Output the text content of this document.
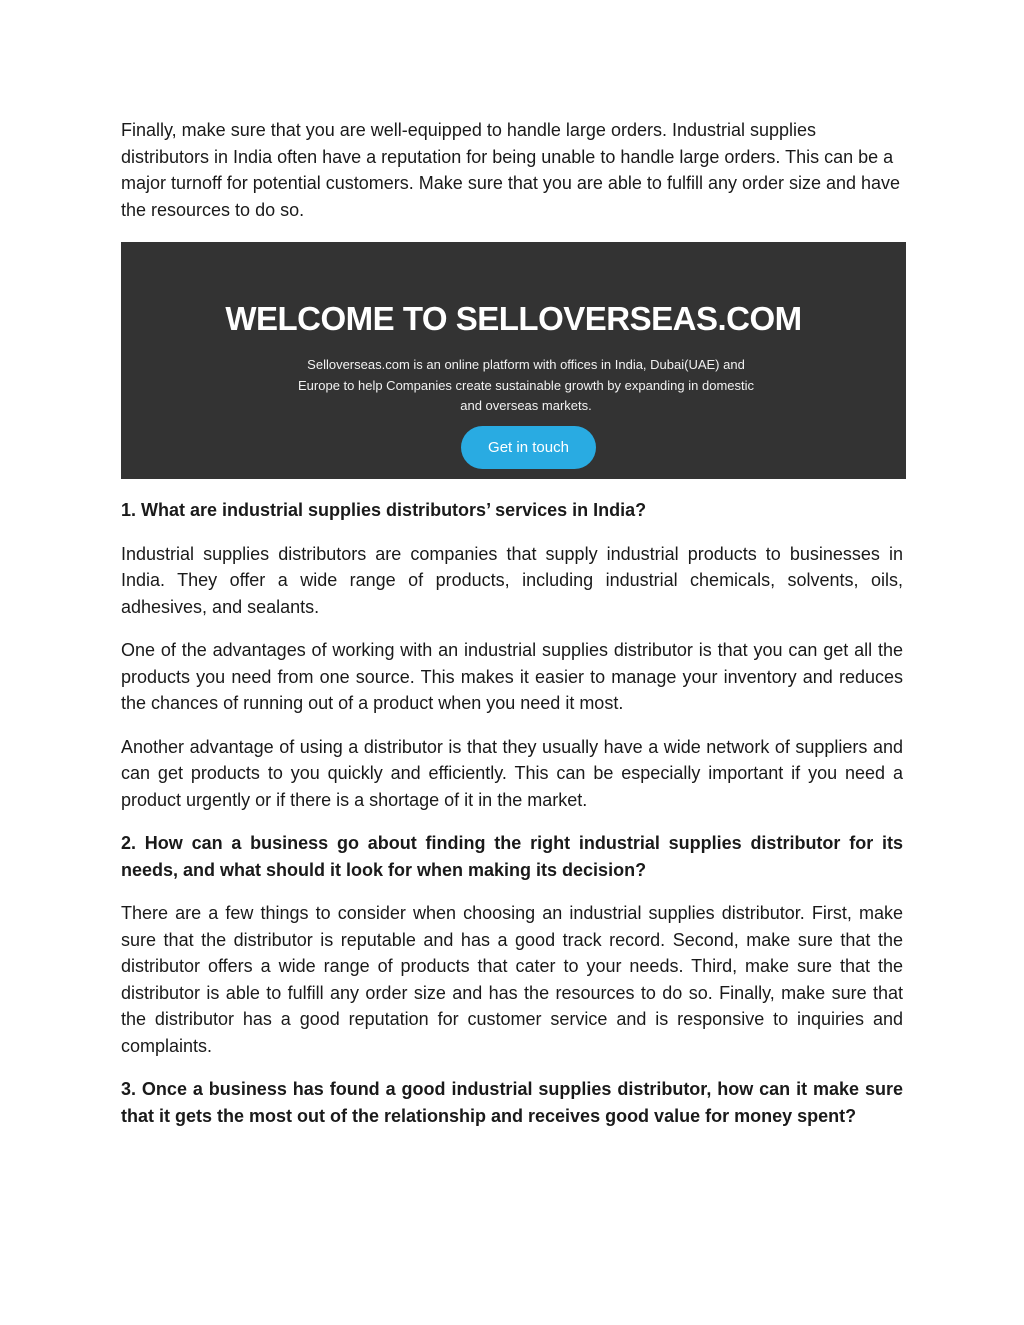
Finally, make sure that you are well-equipped to handle large orders. Industrial supplies distributors in India often have a reputation for being unable to handle large orders. This can be a major turnoff for potential customers. Make sure that you are able to fulfill any order size and have the resources to do so.

WELCOME TO SELLOVERSEAS.COM
Selloverseas.com is an online platform with offices in India, Dubai(UAE) and Europe to help Companies create sustainable growth by expanding in domestic and overseas markets.
Get in touch
1. What are industrial supplies distributors’ services in India?

Industrial supplies distributors are companies that supply industrial products to businesses in India. They offer a wide range of products, including industrial chemicals, solvents, oils, adhesives, and sealants.

One of the advantages of working with an industrial supplies distributor is that you can get all the products you need from one source. This makes it easier to manage your inventory and reduces the chances of running out of a product when you need it most.

Another advantage of using a distributor is that they usually have a wide network of suppliers and can get products to you quickly and efficiently. This can be especially important if you need a product urgently or if there is a shortage of it in the market.

2. How can a business go about finding the right industrial supplies distributor for its needs, and what should it look for when making its decision?

There are a few things to consider when choosing an industrial supplies distributor. First, make sure that the distributor is reputable and has a good track record. Second, make sure that the distributor offers a wide range of products that cater to your needs. Third, make sure that the distributor is able to fulfill any order size and has the resources to do so. Finally, make sure that the distributor has a good reputation for customer service and is responsive to inquiries and complaints.

3. Once a business has found a good industrial supplies distributor, how can it make sure that it gets the most out of the relationship and receives good value for money spent?
